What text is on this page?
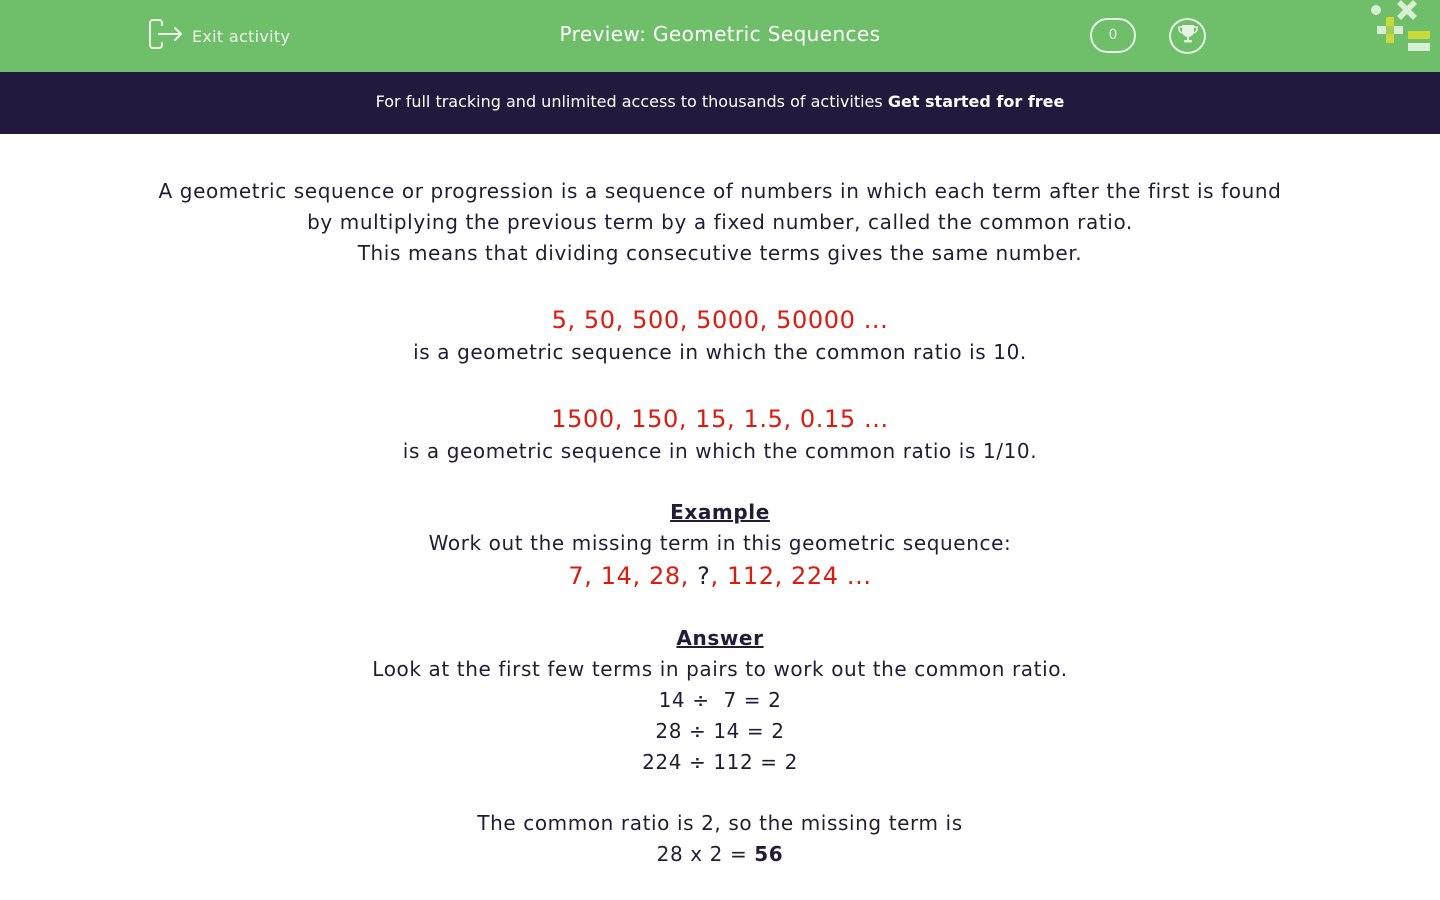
Exit activity	Preview: Geometric Sequences	0
For full tracking and unlimited access to thousands of activities Get started for free

A geometric sequence or progression is a sequence of numbers in which each term after the first is found

by multiplying the previous term by a fixed number, called the common ratio.

This means that dividing consecutive terms gives the same number.

5, 50, 500, 5000, 50000 ...

is a geometric sequence in which the common ratio is 10.

1500, 150, 15, 1.5, 0.15 ...

is a geometric sequence in which the common ratio is 1/10.

Example

Work out the missing term in this geometric sequence:

7, 14, 28, ?, 112, 224 ...

Answer

Look at the first few terms in pairs to work out the common ratio.

14 ÷  7 = 2

28 ÷ 14 = 2

224 ÷ 112 = 2

The common ratio is 2, so the missing term is

28 x 2 = 56
